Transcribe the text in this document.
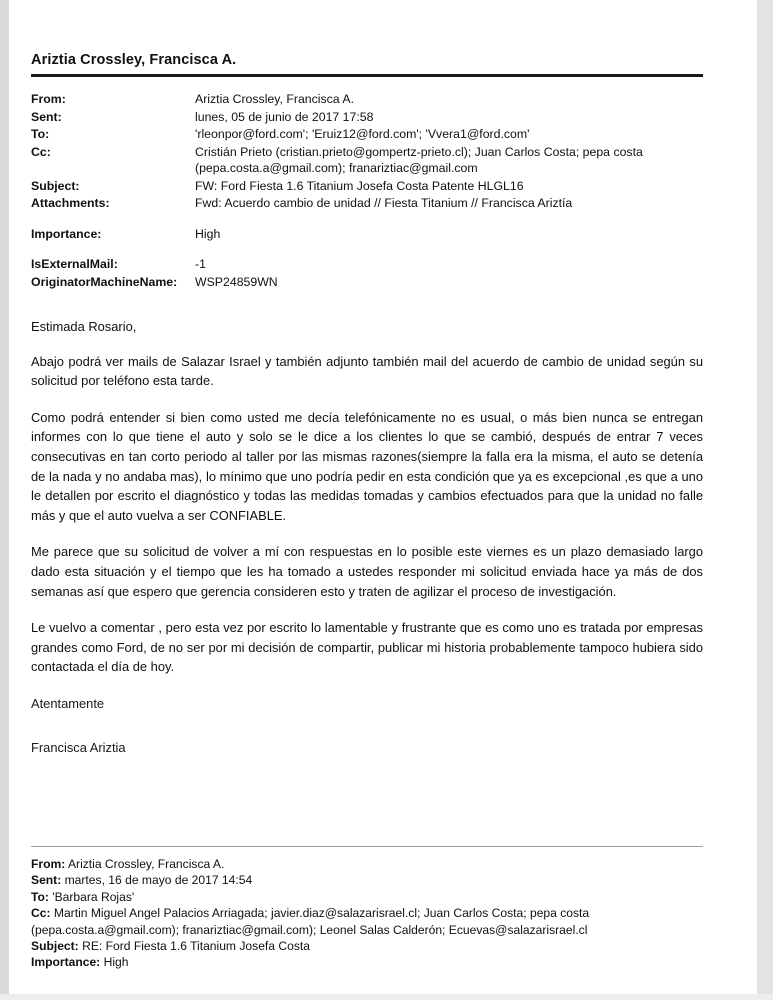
Ariztia Crossley, Francisca A.
From:	Ariztia Crossley, Francisca A.
Sent:	lunes, 05 de junio de 2017 17:58
To:	'rleonpor@ford.com'; 'Eruiz12@ford.com'; 'Vvera1@ford.com'
Cc:	Cristián Prieto (cristian.prieto@gompertz-prieto.cl); Juan Carlos Costa; pepa costa (pepa.costa.a@gmail.com); franariztiac@gmail.com
Subject:	FW: Ford Fiesta 1.6 Titanium Josefa Costa Patente HLGL16
Attachments:	Fwd: Acuerdo cambio de unidad // Fiesta Titanium // Francisca Ariztía

Importance:	High

IsExternalMail:	-1
OriginatorMachineName:	WSP24859WN

Estimada Rosario,

Abajo podrá ver mails de Salazar Israel y también adjunto también mail del acuerdo de cambio de unidad según su solicitud por teléfono esta tarde.

Como podrá entender si bien como usted me decía telefónicamente no es usual, o más bien nunca se entregan informes con lo que tiene el auto y solo se le dice a los clientes lo que se cambió, después de entrar 7 veces consecutivas en tan corto periodo al taller por las mismas razones(siempre la falla era la misma, el auto se detenía de la nada y no andaba mas), lo mínimo que uno podría pedir en esta condición que ya es excepcional ,es que a uno le detallen por escrito el diagnóstico y todas las medidas tomadas y cambios efectuados para que la unidad no falle más y que el auto vuelva a ser CONFIABLE.

Me parece que su solicitud de volver a mí con respuestas en lo posible este viernes es un plazo demasiado largo dado esta situación y el tiempo que les ha tomado a ustedes responder mi solicitud enviada hace ya más de dos semanas así que espero que gerencia consideren esto y traten de agilizar el proceso de investigación.

Le vuelvo a comentar , pero esta vez por escrito lo lamentable y frustrante que es como uno es tratada por empresas grandes como Ford, de no ser por mi decisión de compartir, publicar mi historia probablemente tampoco hubiera sido contactada el día de hoy.

Atentamente

Francisca Ariztia

From: Ariztia Crossley, Francisca A.

Sent: martes, 16 de mayo de 2017 14:54

To: 'Barbara Rojas'

Cc: Martin Miguel Angel Palacios Arriagada; javier.diaz@salazarisrael.cl; Juan Carlos Costa; pepa costa (pepa.costa.a@gmail.com); franariztiac@gmail.com); Leonel Salas Calderón; Ecuevas@salazarisrael.cl

Subject: RE: Ford Fiesta 1.6 Titanium Josefa Costa

Importance: High
